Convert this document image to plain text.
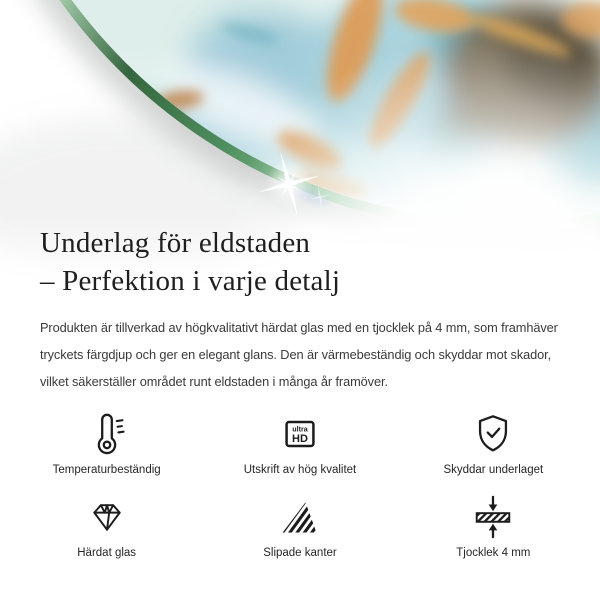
Underlag för eldstaden
– Perfektion i varje detalj

Produkten är tillverkad av högkvalitativt härdat glas med en tjocklek på 4 mm, som framhäver
tryckets färgdjup och ger en elegant glans. Den är värmebeständig och skyddar mot skador,
vilket säkerställer området runt eldstaden i många år framöver.

Temperaturbeständig
ultra
HD
Utskrift av hög kvalitet	Skyddar underlaget
Härdat glas	Slipade kanter	Tjocklek 4 mm
